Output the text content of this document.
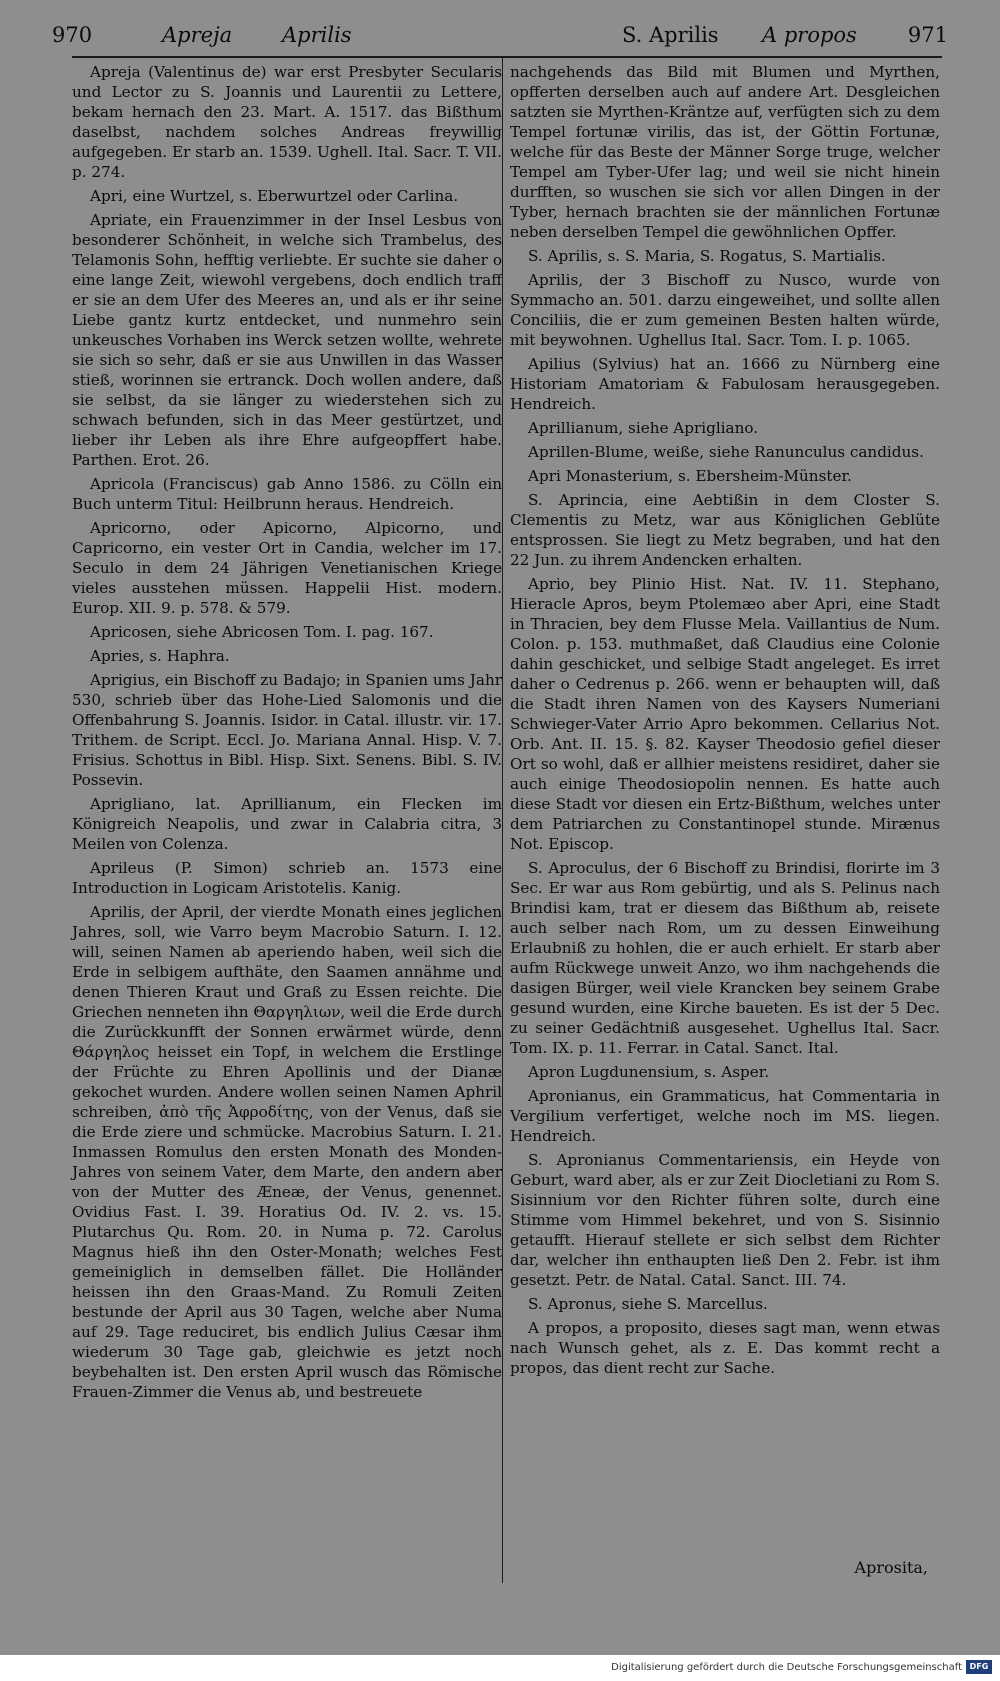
970	Apreja Aprilis	S. Aprilis A propos 971

Apreja (Valentinus de) war erst Presbyter Secularis und Lector zu S. Joannis und Laurentii zu Lettere, bekam hernach den 23. Mart. A. 1517. das Bißthum daselbst, nachdem solches Andreas freywillig aufgegeben. Er starb an. 1539. Ughell. Ital. Sacr. T. VII. p. 274.

Apri, eine Wurtzel, s. Eberwurtzel oder Carlina.

Apriate, ein Frauenzimmer in der Insel Lesbus von besonderer Schönheit, in welche sich Trambelus, des Telamonis Sohn, hefftig verliebte. Er suchte sie daher o eine lange Zeit, wiewohl vergebens, doch endlich traff er sie an dem Ufer des Meeres an, und als er ihr seine Liebe gantz kurtz entdecket, und nunmehro sein unkeusches Vorhaben ins Werck setzen wollte, wehrete sie sich so sehr, daß er sie aus Unwillen in das Wasser stieß, worinnen sie ertranck. Doch wollen andere, daß sie selbst, da sie länger zu wiederstehen sich zu schwach befunden, sich in das Meer gestürtzet, und lieber ihr Leben als ihre Ehre aufgeopffert habe. Parthen. Erot. 26.

Apricola (Franciscus) gab Anno 1586. zu Cölln ein Buch unterm Titul: Heilbrunn heraus. Hendreich.

Apricorno, oder Apicorno, Alpicorno, und Capricorno, ein vester Ort in Candia, welcher im 17. Seculo in dem 24 Jährigen Venetianischen Kriege vieles ausstehen müssen. Happelii Hist. modern. Europ. XII. 9. p. 578. & 579.

Apricosen, siehe Abricosen Tom. I. pag. 167.

Apries, s. Haphra.

Aprigius, ein Bischoff zu Badajo; in Spanien ums Jahr 530, schrieb über das Hohe-Lied Salomonis und die Offenbahrung S. Joannis. Isidor. in Catal. illustr. vir. 17. Trithem. de Script. Eccl. Jo. Mariana Annal. Hisp. V. 7. Frisius. Schottus in Bibl. Hisp. Sixt. Senens. Bibl. S. IV. Possevin.

Aprigliano, lat. Aprillianum, ein Flecken im Königreich Neapolis, und zwar in Calabria citra, 3 Meilen von Colenza.

Aprileus (P. Simon) schrieb an. 1573 eine Introduction in Logicam Aristotelis. Kanig.

Aprilis, der April, der vierdte Monath eines jeglichen Jahres, soll, wie Varro beym Macrobio Saturn. I. 12. will, seinen Namen ab aperiendo haben, weil sich die Erde in selbigem aufthäte, den Saamen annähme und denen Thieren Kraut und Graß zu Essen reichte. Die Griechen nenneten ihn Θαργηλιων, weil die Erde durch die Zurückkunfft der Sonnen erwärmet würde, denn Θάργηλος heisset ein Topf, in welchem die Erstlinge der Früchte zu Ehren Apollinis und der Dianæ gekochet wurden. Andere wollen seinen Namen Aphril schreiben, ἀπὸ τῆς Ἀφροδίτης, von der Venus, daß sie die Erde ziere und schmücke. Macrobius Saturn. I. 21. Inmassen Romulus den ersten Monath des Monden-Jahres von seinem Vater, dem Marte, den andern aber von der Mutter des Æneæ, der Venus, genennet. Ovidius Fast. I. 39. Horatius Od. IV. 2. vs. 15. Plutarchus Qu. Rom. 20. in Numa p. 72. Carolus Magnus hieß ihn den Oster-Monath; welches Fest gemeiniglich in demselben fället. Die Holländer heissen ihn den Graas-Mand. Zu Romuli Zeiten bestunde der April aus 30 Tagen, welche aber Numa auf 29. Tage reduciret, bis endlich Julius Cæsar ihm wiederum 30 Tage gab, gleichwie es jetzt noch beybehalten ist. Den ersten April wusch das Römische Frauen-Zimmer die Venus ab, und bestreuete

nachgehends das Bild mit Blumen und Myrthen, opfferten derselben auch auf andere Art. Desgleichen satzten sie Myrthen-Kräntze auf, verfügten sich zu dem Tempel fortunæ virilis, das ist, der Göttin Fortunæ, welche für das Beste der Männer Sorge truge, welcher Tempel am Tyber-Ufer lag; und weil sie nicht hinein durfften, so wuschen sie sich vor allen Dingen in der Tyber, hernach brachten sie der männlichen Fortunæ neben derselben Tempel die gewöhnlichen Opffer.

S. Aprilis, s. S. Maria, S. Rogatus, S. Martialis.

Aprilis, der 3 Bischoff zu Nusco, wurde von Symmacho an. 501. darzu eingeweihet, und sollte allen Conciliis, die er zum gemeinen Besten halten würde, mit beywohnen. Ughellus Ital. Sacr. Tom. I. p. 1065.

Apilius (Sylvius) hat an. 1666 zu Nürnberg eine Historiam Amatoriam & Fabulosam herausgegeben. Hendreich.

Aprillianum, siehe Aprigliano.

Aprillen-Blume, weiße, siehe Ranunculus candidus.

Apri Monasterium, s. Ebersheim-Münster.

S. Aprincia, eine Aebtißin in dem Closter S. Clementis zu Metz, war aus Königlichen Geblüte entsprossen. Sie liegt zu Metz begraben, und hat den 22 Jun. zu ihrem Andencken erhalten.

Aprio, bey Plinio Hist. Nat. IV. 11. Stephano, Hieracle Apros, beym Ptolemæo aber Apri, eine Stadt in Thracien, bey dem Flusse Mela. Vaillantius de Num. Colon. p. 153. muthmaßet, daß Claudius eine Colonie dahin geschicket, und selbige Stadt angeleget. Es irret daher o Cedrenus p. 266. wenn er behaupten will, daß die Stadt ihren Namen von des Kaysers Numeriani Schwieger-Vater Arrio Apro bekommen. Cellarius Not. Orb. Ant. II. 15. §. 82. Kayser Theodosio gefiel dieser Ort so wohl, daß er allhier meistens residiret, daher sie auch einige Theodosiopolin nennen. Es hatte auch diese Stadt vor diesen ein Ertz-Bißthum, welches unter dem Patriarchen zu Constantinopel stunde. Mirænus Not. Episcop.

S. Aproculus, der 6 Bischoff zu Brindisi, florirte im 3 Sec. Er war aus Rom gebürtig, und als S. Pelinus nach Brindisi kam, trat er diesem das Bißthum ab, reisete auch selber nach Rom, um zu dessen Einweihung Erlaubniß zu hohlen, die er auch erhielt. Er starb aber aufm Rückwege unweit Anzo, wo ihm nachgehends die dasigen Bürger, weil viele Krancken bey seinem Grabe gesund wurden, eine Kirche baueten. Es ist der 5 Dec. zu seiner Gedächtniß ausgesehet. Ughellus Ital. Sacr. Tom. IX. p. 11. Ferrar. in Catal. Sanct. Ital.

Apron Lugdunensium, s. Asper.

Apronianus, ein Grammaticus, hat Commentaria in Vergilium verfertiget, welche noch im MS. liegen. Hendreich.

S. Apronianus Commentariensis, ein Heyde von Geburt, ward aber, als er zur Zeit Diocletiani zu Rom S. Sisinnium vor den Richter führen solte, durch eine Stimme vom Himmel bekehret, und von S. Sisinnio getaufft. Hierauf stellete er sich selbst dem Richter dar, welcher ihn enthaupten ließ Den 2. Febr. ist ihm gesetzt. Petr. de Natal. Catal. Sanct. III. 74.

S. Apronus, siehe S. Marcellus.

A propos, a proposito, dieses sagt man, wenn etwas nach Wunsch gehet, als z. E. Das kommt recht a propos, das dient recht zur Sache.

Aprosita,
Digitalisierung gefördert durch die Deutsche Forschungsgemeinschaft DFG
